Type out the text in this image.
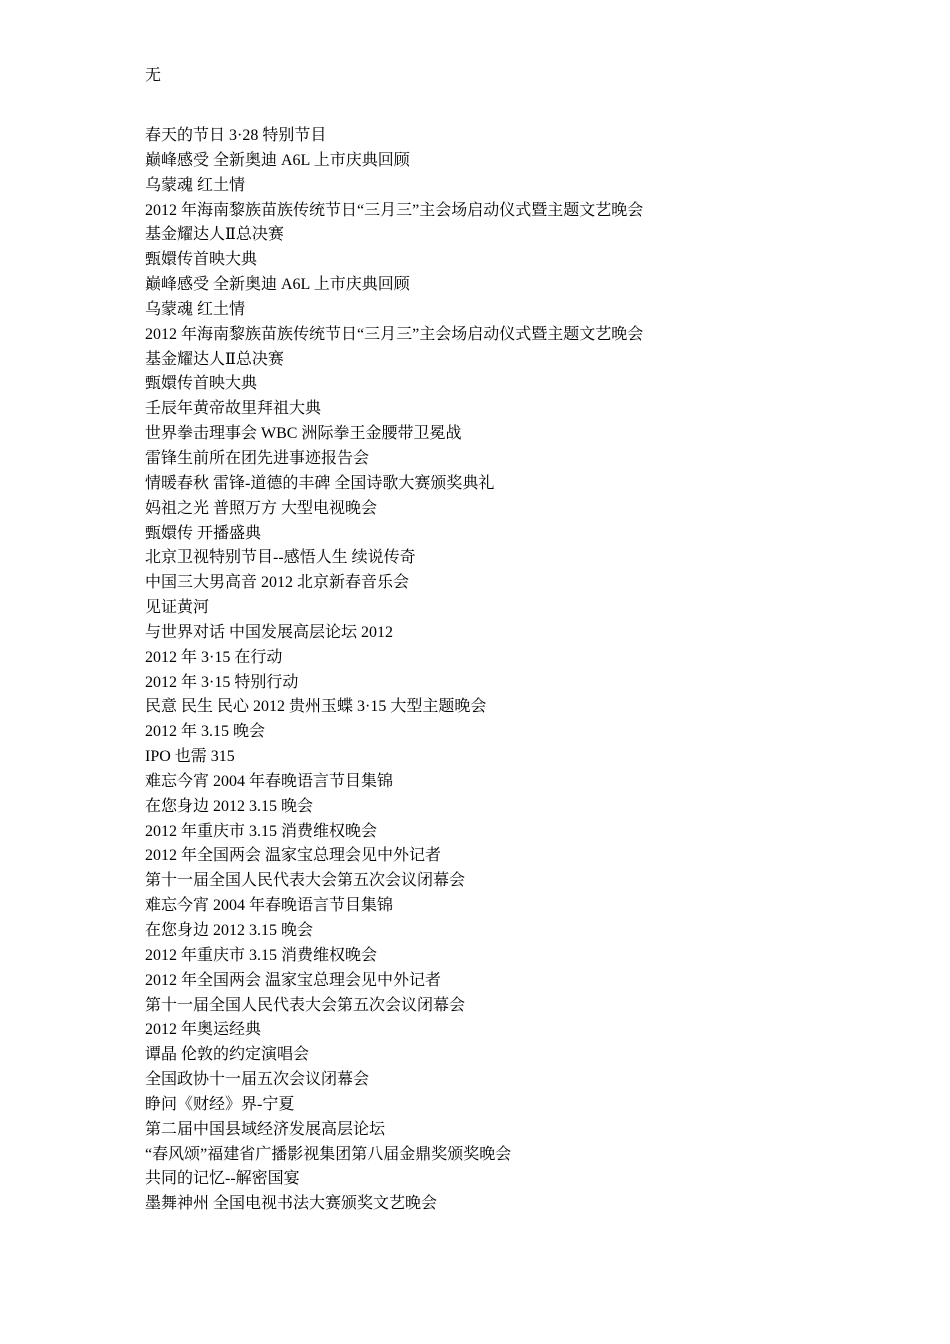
无
春天的节日 3·28 特别节目
巅峰感受 全新奥迪 A6L 上市庆典回顾
乌蒙魂 红土情
2012 年海南黎族苗族传统节日“三月三”主会场启动仪式暨主题文艺晚会
基金耀达人Ⅱ总决赛
甄嬛传首映大典
巅峰感受 全新奥迪 A6L 上市庆典回顾
乌蒙魂 红土情
2012 年海南黎族苗族传统节日“三月三”主会场启动仪式暨主题文艺晚会
基金耀达人Ⅱ总决赛
甄嬛传首映大典
壬辰年黄帝故里拜祖大典
世界拳击理事会 WBC 洲际拳王金腰带卫冕战
雷锋生前所在团先进事迹报告会
情暖春秋 雷锋-道德的丰碑 全国诗歌大赛颁奖典礼
妈祖之光 普照万方 大型电视晚会
甄嬛传 开播盛典
北京卫视特别节目--感悟人生 续说传奇
中国三大男高音 2012 北京新春音乐会
见证黄河
与世界对话 中国发展高层论坛 2012
2012 年 3·15 在行动
2012 年 3·15 特别行动
民意 民生 民心 2012 贵州玉蝶 3·15 大型主题晚会
2012 年 3.15 晚会
IPO 也需 315
难忘今宵 2004 年春晚语言节目集锦
在您身边 2012 3.15 晚会
2012 年重庆市 3.15 消费维权晚会
2012 年全国两会 温家宝总理会见中外记者
第十一届全国人民代表大会第五次会议闭幕会
难忘今宵 2004 年春晚语言节目集锦
在您身边 2012 3.15 晚会
2012 年重庆市 3.15 消费维权晚会
2012 年全国两会 温家宝总理会见中外记者
第十一届全国人民代表大会第五次会议闭幕会
2012 年奥运经典
谭晶 伦敦的约定演唱会
全国政协十一届五次会议闭幕会
睁问《财经》界-宁夏
第二届中国县域经济发展高层论坛
“春风颂”福建省广播影视集团第八届金鼎奖颁奖晚会
共同的记忆--解密国宴
墨舞神州 全国电视书法大赛颁奖文艺晚会
